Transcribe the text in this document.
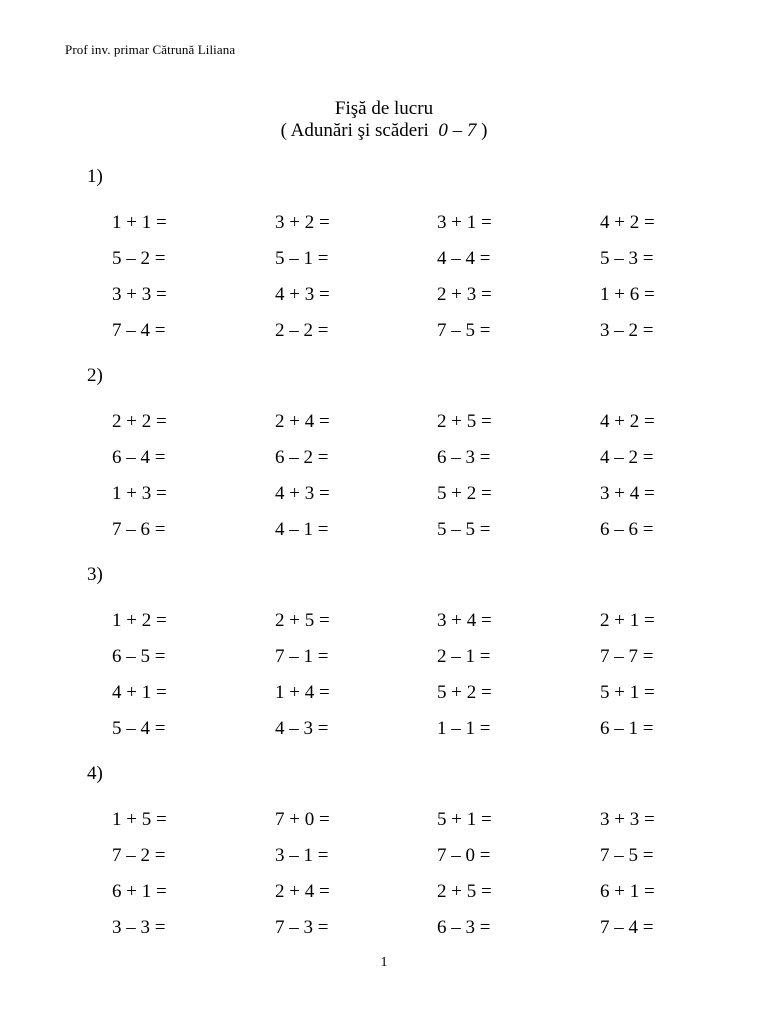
Prof inv. primar Cătrună Liliana
Fişă de lucru
( Adunări şi scăderi 0 – 7 )
1)
1 + 1 =	3 + 2 =	3 + 1 =	4 + 2 =
5 – 2 =	5 – 1 =	4 – 4 =	5 – 3 =
3 + 3 =	4 + 3 =	2 + 3 =	1 + 6 =
7 – 4 =	2 – 2 =	7 – 5 =	3 – 2 =
2)
2 + 2 =	2 + 4 =	2 + 5 =	4 + 2 =
6 – 4 =	6 – 2 =	6 – 3 =	4 – 2 =
1 + 3 =	4 + 3 =	5 + 2 =	3 + 4 =
7 – 6 =	4 – 1 =	5 – 5 =	6 – 6 =
3)
1 + 2 =	2 + 5 =	3 + 4 =	2 + 1 =
6 – 5 =	7 – 1 =	2 – 1 =	7 – 7 =
4 + 1 =	1 + 4 =	5 + 2 =	5 + 1 =
5 – 4 =	4 – 3 =	1 – 1 =	6 – 1 =
4)
1 + 5 =	7 + 0 =	5 + 1 =	3 + 3 =
7 – 2 =	3 – 1 =	7 – 0 =	7 – 5 =
6 + 1 =	2 + 4 =	2 + 5 =	6 + 1 =
3 – 3 =	7 – 3 =	6 – 3 =	7 – 4 =
1
